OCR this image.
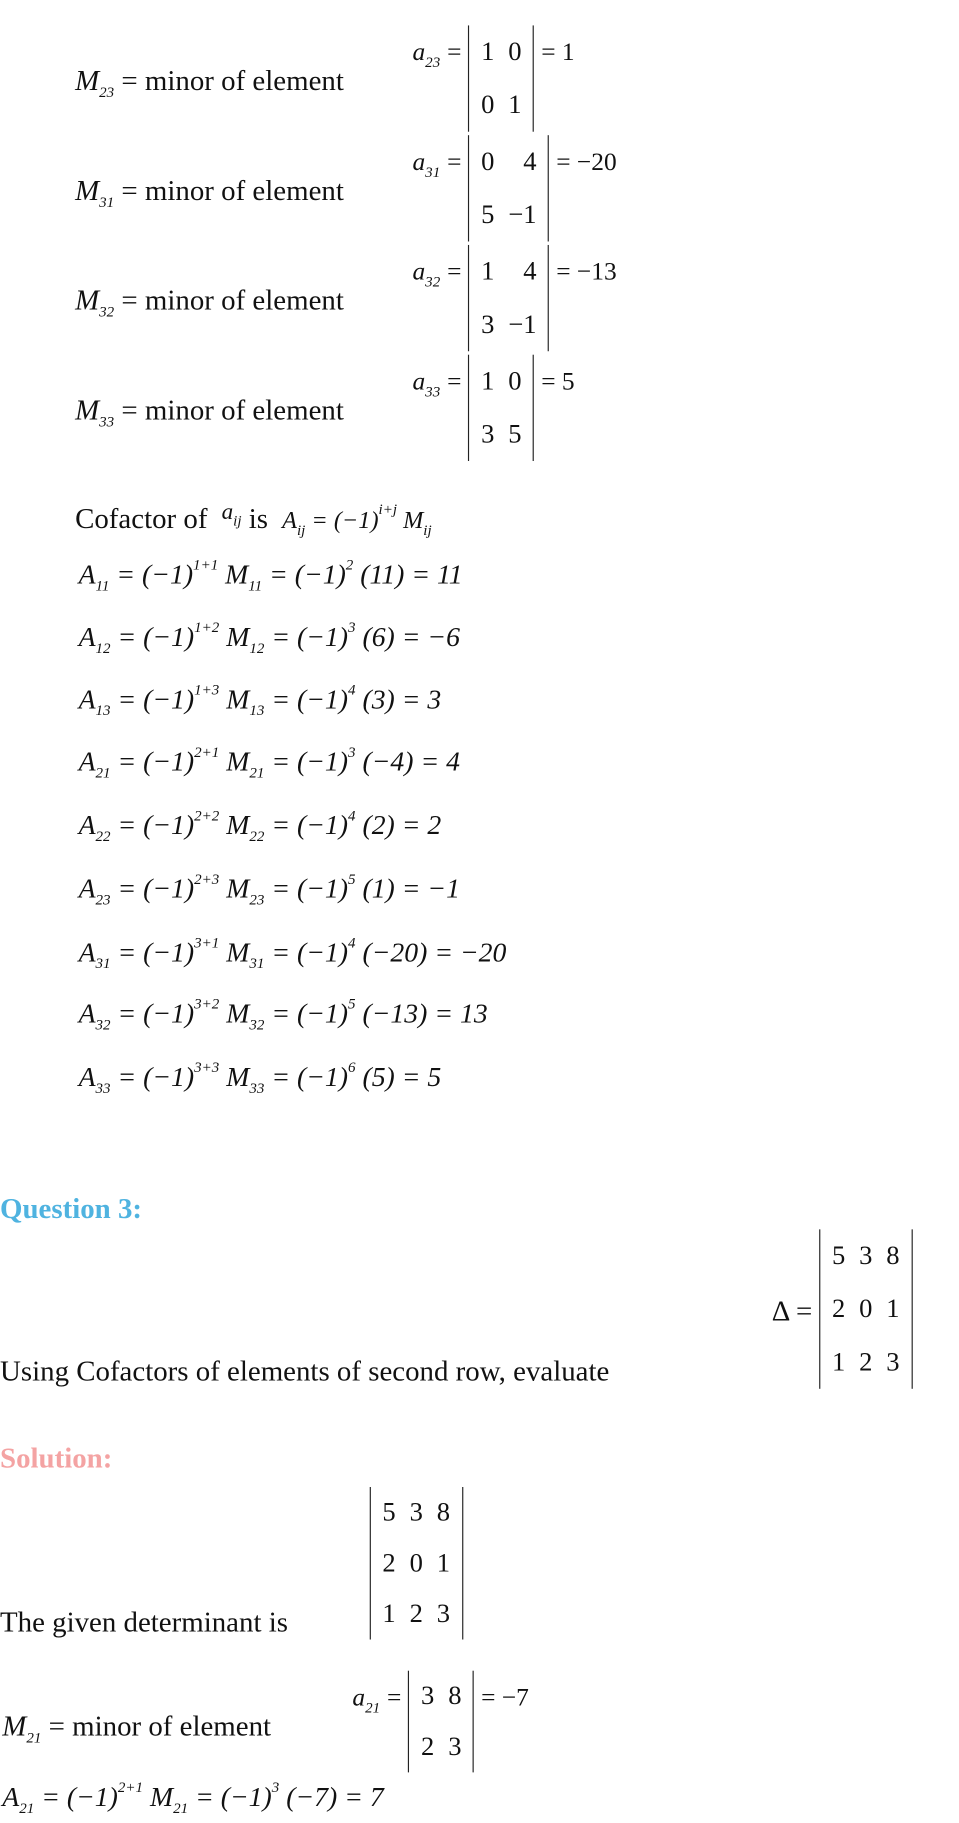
$M_{23}$ = minor of element
$a_{23} = 1$	0
0	1
= 1
$M_{31}$ = minor of element
$a_{31} = 0$	4
5	−1
= −20
$M_{32}$ = minor of element
$a_{32} = 1$	4
3	−1
= −13
$M_{33}$ = minor of element
$a_{33} = 1$	0
3	5
= 5
Cofactor of $^{a_{ij}}$ is $A_{ij} = (-1)^{i+j}$ $M_{ij}$
$A_{11} = (-1)^{1+1}$ $M_{11} = (-1)^2$ (11) = 11
$A_{12} = (-1)^{1+2}$ $M_{12} = (-1)^3$ (6) = −6
$A_{13} = (-1)^{1+3}$ $M_{13} = (-1)^4$ (3) = 3
$A_{21} = (-1)^{2+1}$ $M_{21} = (-1)^3$ (−4) = 4
$A_{22} = (-1)^{2+2}$ $M_{22} = (-1)^4$ (2) = 2
$A_{23} = (-1)^{2+3}$ $M_{23} = (-1)^5$ (1) = −1
$A_{31} = (-1)^{3+1}$ $M_{31} = (-1)^4$ (−20) = −20
$A_{32} = (-1)^{3+2}$ $M_{32} = (-1)^5$ (−13) = 13
$A_{33} = (-1)^{3+3}$ $M_{33} = (-1)^6$ (5) = 5
Question 3:
Using Cofactors of elements of second row, evaluate
Δ =
5	3	8
2	0	1
1	2	3
Solution:
The given determinant is
5	3	8
2	0	1
1	2	3
$M_{21}$ = minor of element
$a_{21} = 3$	8
2	3
= −7
$A_{21} = (-1)^{2+1}$ $M_{21} = (-1)^3$ (−7) = 7
